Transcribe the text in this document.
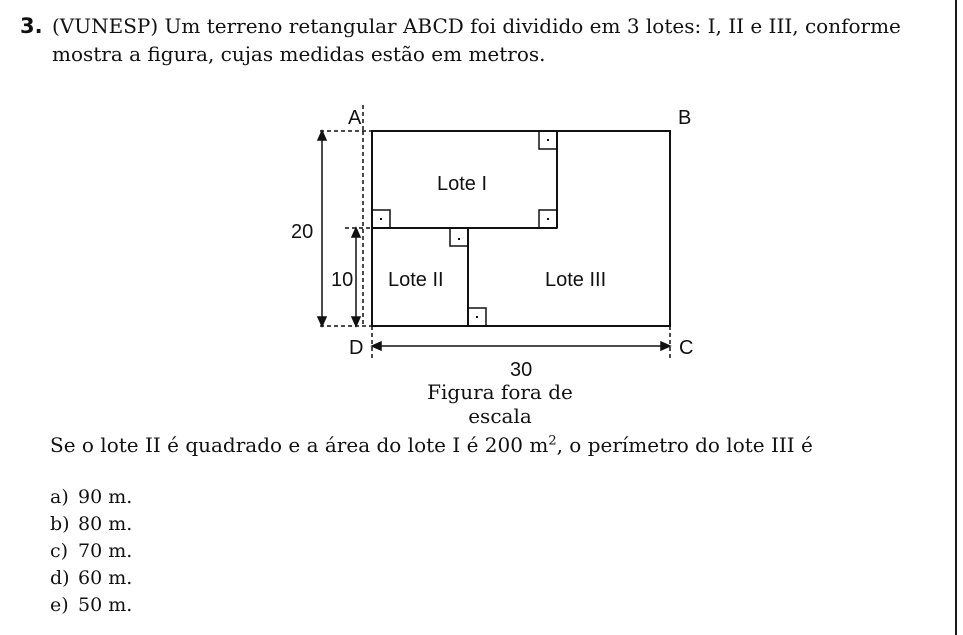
3. (VUNESP) Um terreno retangular ABCD foi dividido em 3 lotes: I, II e III, conforme mostra a figura, cujas medidas estão em metros.
A	B
C
D
Lote I
Lote II	Lote III
20
10
30
Figura fora de escala
Se o lote II é quadrado e a área do lote I é 200 $m^2$, o perímetro do lote III é
a) 90 m.
b) 80 m.
c) 70 m.
d) 60 m.
e) 50 m.
